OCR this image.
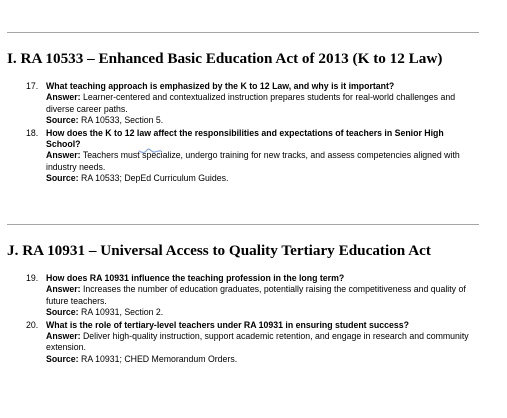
I. RA 10533 – Enhanced Basic Education Act of 2013 (K to 12 Law)
17. What teaching approach is emphasized by the K to 12 Law, and why is it important?
Answer: Learner-centered and contextualized instruction prepares students for real-world challenges and diverse career paths.
Source: RA 10533, Section 5.
18. How does the K to 12 law affect the responsibilities and expectations of teachers in Senior High School?
Answer: Teachers must specialize, undergo training for new tracks, and assess competencies aligned with industry needs.
Source: RA 10533; DepEd Curriculum Guides.
J. RA 10931 – Universal Access to Quality Tertiary Education Act
19. How does RA 10931 influence the teaching profession in the long term?
Answer: Increases the number of education graduates, potentially raising the competitiveness and quality of future teachers.
Source: RA 10931, Section 2.
20. What is the role of tertiary-level teachers under RA 10931 in ensuring student success?
Answer: Deliver high-quality instruction, support academic retention, and engage in research and community extension.
Source: RA 10931; CHED Memorandum Orders.
